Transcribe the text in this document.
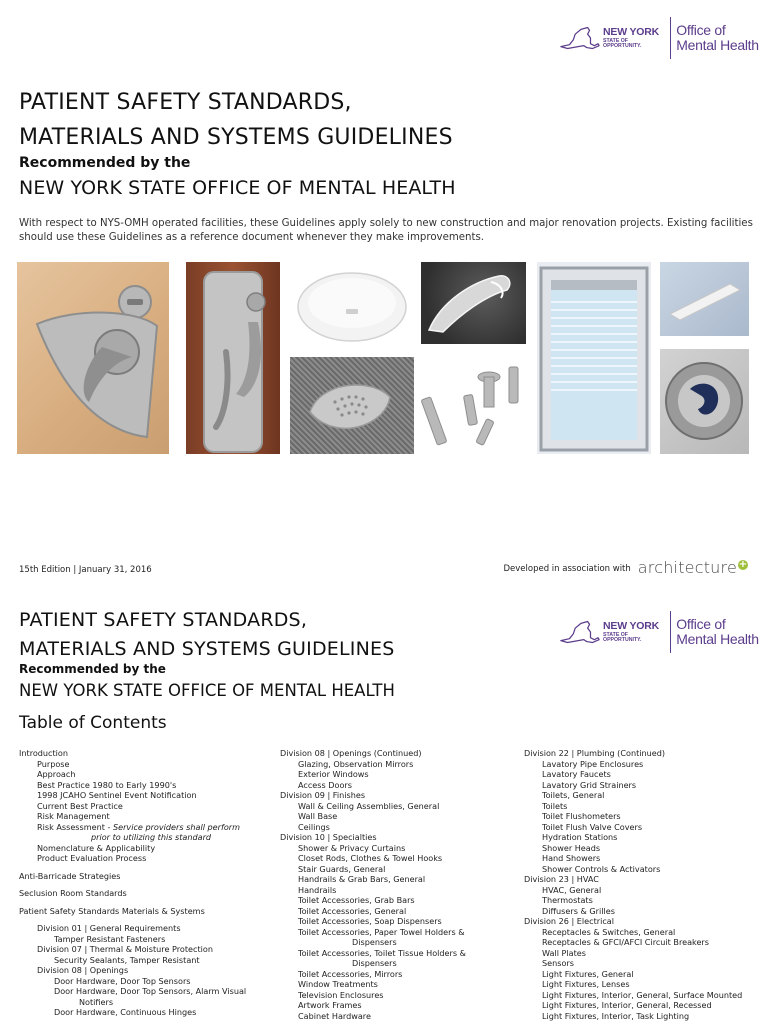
NEW YORK
STATE OF OPPORTUNITY.
Office of Mental Health
PATIENT SAFETY STANDARDS,
MATERIALS AND SYSTEMS GUIDELINES
Recommended by the
NEW YORK STATE OFFICE OF MENTAL HEALTH
With respect to NYS-OMH operated facilities, these Guidelines apply solely to new construction and major renovation projects. Existing facilities should use these Guidelines as a reference document whenever they make improvements.
15th Edition | January 31, 2016	Developed in association with architecture +
NEW YORK
STATE OF OPPORTUNITY.
Office of Mental Health
PATIENT SAFETY STANDARDS,
MATERIALS AND SYSTEMS GUIDELINES
Recommended by the
NEW YORK STATE OFFICE OF MENTAL HEALTH
Table of Contents
Introduction
Purpose
Approach
Best Practice 1980 to Early 1990's
1998 JCAHO Sentinel Event Notification
Current Best Practice
Risk Management
Risk Assessment - Service providers shall perform
prior to utilizing this standard
Nomenclature & Applicability
Product Evaluation Process
Anti-Barricade Strategies
Seclusion Room Standards
Patient Safety Standards Materials & Systems
Division 01 | General Requirements
Tamper Resistant Fasteners
Division 07 | Thermal & Moisture Protection
Security Sealants, Tamper Resistant
Division 08 | Openings
Door Hardware, Door Top Sensors
Door Hardware, Door Top Sensors, Alarm Visual
Notifiers
Door Hardware, Continuous Hinges
Division 08 | Openings (Continued)
Glazing, Observation Mirrors
Exterior Windows
Access Doors
Division 09 | Finishes
Wall & Ceiling Assemblies, General
Wall Base
Ceilings
Division 10 | Specialties
Shower & Privacy Curtains
Closet Rods, Clothes & Towel Hooks
Stair Guards, General
Handrails & Grab Bars, General
Handrails
Toilet Accessories, Grab Bars
Toilet Accessories, General
Toilet Accessories, Soap Dispensers
Toilet Accessories, Paper Towel Holders &
Dispensers
Toilet Accessories, Toilet Tissue Holders &
Dispensers
Toilet Accessories, Mirrors
Window Treatments
Television Enclosures
Artwork Frames
Cabinet Hardware
Division 22 | Plumbing (Continued)
Lavatory Pipe Enclosures
Lavatory Faucets
Lavatory Grid Strainers
Toilets, General
Toilets
Toilet Flushometers
Toilet Flush Valve Covers
Hydration Stations
Shower Heads
Hand Showers
Shower Controls & Activators
Division 23 | HVAC
HVAC, General
Thermostats
Diffusers & Grilles
Division 26 | Electrical
Receptacles & Switches, General
Receptacles & GFCI/AFCI Circuit Breakers
Wall Plates
Sensors
Light Fixtures, General
Light Fixtures, Lenses
Light Fixtures, Interior, General, Surface Mounted
Light Fixtures, Interior, General, Recessed
Light Fixtures, Interior, Task Lighting
